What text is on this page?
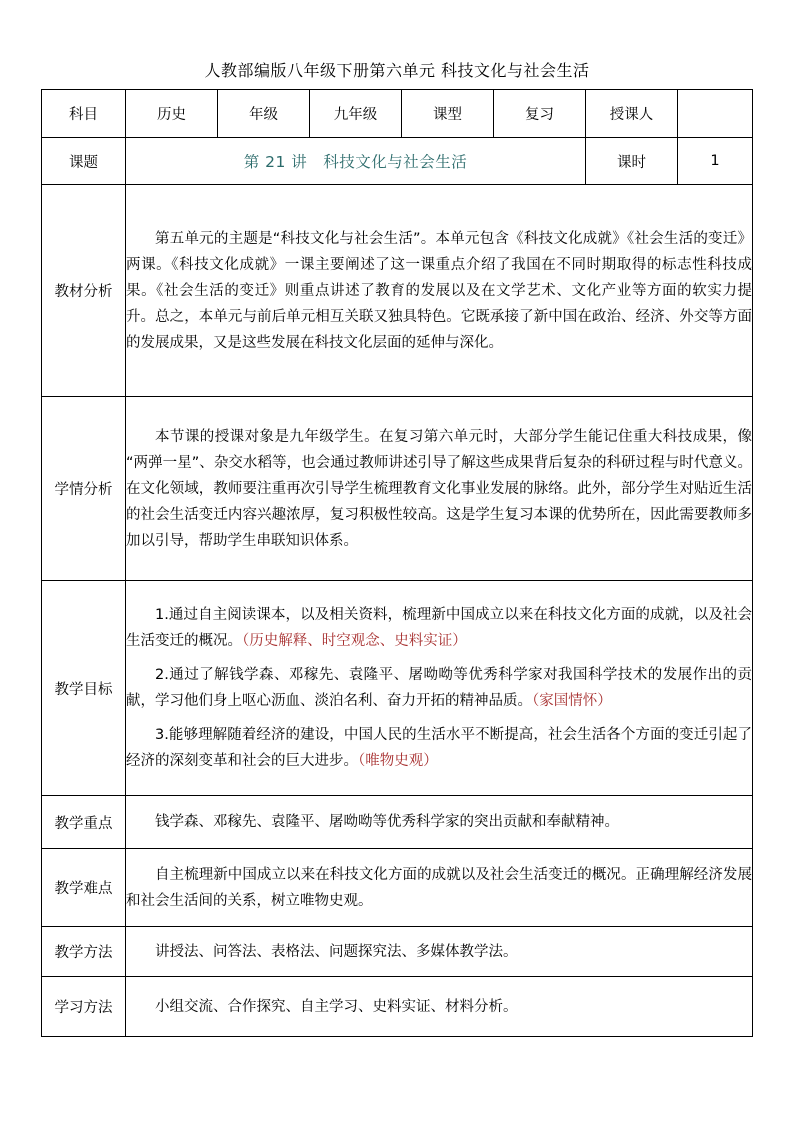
人教部编版八年级下册第六单元 科技文化与社会生活
科目	历史	年级	九年级	课型	复习	授课人	
课题	第 21 讲　科技文化与社会生活					课时	1
教材分析	第五单元的主题是“科技文化与社会生活”。本单元包含《科技文化成就》《社会生活的变迁》两课。《科技文化成就》一课主要阐述了这一课重点介绍了我国在不同时期取得的标志性科技成果。《社会生活的变迁》则重点讲述了教育的发展以及在文学艺术、文化产业等方面的软实力提升。总之，本单元与前后单元相互关联又独具特色。它既承接了新中国在政治、经济、外交等方面的发展成果，又是这些发展在科技文化层面的延伸与深化。						

学情分析	本节课的授课对象是九年级学生。在复习第六单元时，大部分学生能记住重大科技成果，像 “两弹一星”、杂交水稻等，也会通过教师讲述引导了解这些成果背后复杂的科研过程与时代意义。在文化领域，教师要注重再次引导学生梳理教育文化事业发展的脉络。此外，部分学生对贴近生活的社会生活变迁内容兴趣浓厚，复习积极性较高。这是学生复习本课的优势所在，因此需要教师多加以引导，帮助学生串联知识体系。						

教学目标	1.通过自主阅读课本，以及相关资料，梳理新中国成立以来在科技文化方面的成就，以及社会生活变迁的概况。（历史解释、时空观念、史料实证）

2.通过了解钱学森、邓稼先、袁隆平、屠呦呦等优秀科学家对我国科学技术的发展作出的贡献，学习他们身上呕心沥血、淡泊名利、奋力开拓的精神品质。（家国情怀）

3.能够理解随着经济的建设，中国人民的生活水平不断提高，社会生活各个方面的变迁引起了经济的深刻变革和社会的巨大进步。（唯物史观）						

教学重点	钱学森、邓稼先、袁隆平、屠呦呦等优秀科学家的突出贡献和奉献精神。						

教学难点	自主梳理新中国成立以来在科技文化方面的成就以及社会生活变迁的概况。正确理解经济发展和社会生活间的关系，树立唯物史观。						

教学方法	讲授法、问答法、表格法、问题探究法、多媒体教学法。						

学习方法	小组交流、合作探究、自主学习、史料实证、材料分析。						
